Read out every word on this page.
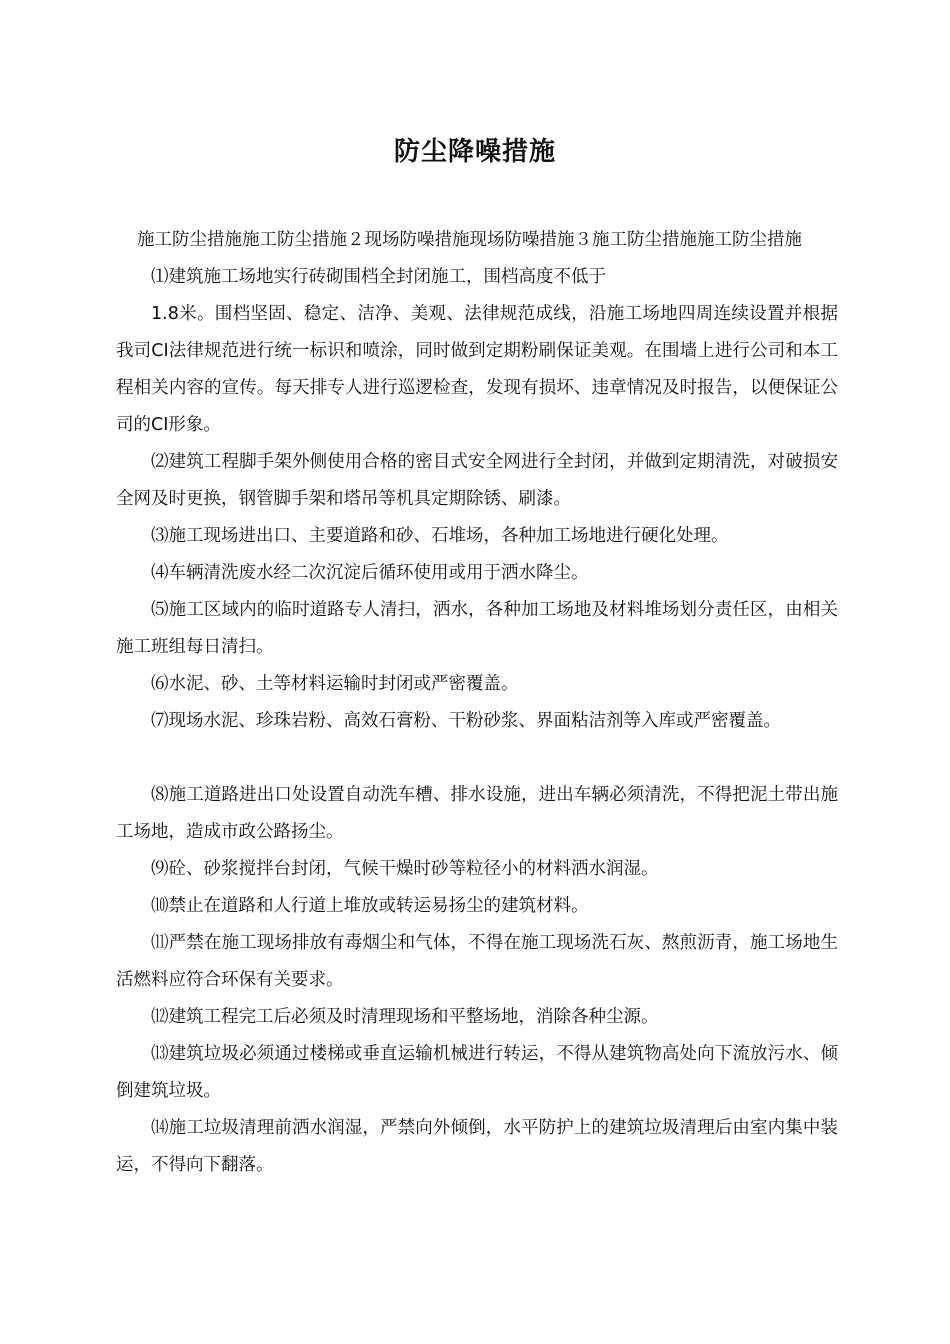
防尘降噪措施

施工防尘措施施工防尘措施２现场防噪措施现场防噪措施３施工防尘措施施工防尘措施

⑴建筑施工场地实行砖砌围档全封闭施工，围档高度不低于

1.8米。围档坚固、稳定、洁净、美观、法律规范成线，沿施工场地四周连续设置并根据我司CI法律规范进行统一标识和喷涂，同时做到定期粉刷保证美观。在围墙上进行公司和本工程相关内容的宣传。每天排专人进行巡逻检查，发现有损坏、违章情况及时报告，以便保证公司的CI形象。

⑵建筑工程脚手架外侧使用合格的密目式安全网进行全封闭，并做到定期清洗，对破损安全网及时更换，钢管脚手架和塔吊等机具定期除锈、刷漆。

⑶施工现场进出口、主要道路和砂、石堆场，各种加工场地进行硬化处理。

⑷车辆清洗废水经二次沉淀后循环使用或用于洒水降尘。

⑸施工区域内的临时道路专人清扫，洒水，各种加工场地及材料堆场划分责任区，由相关施工班组每日清扫。

⑹水泥、砂、土等材料运输时封闭或严密覆盖。

⑺现场水泥、珍珠岩粉、高效石膏粉、干粉砂浆、界面粘洁剂等入库或严密覆盖。

⑻施工道路进出口处设置自动洗车槽、排水设施，进出车辆必须清洗，不得把泥土带出施工场地，造成市政公路扬尘。

⑼砼、砂浆搅拌台封闭，气候干燥时砂等粒径小的材料洒水润湿。

⑽禁止在道路和人行道上堆放或转运易扬尘的建筑材料。

⑾严禁在施工现场排放有毒烟尘和气体，不得在施工现场洗石灰、熬煎沥青，施工场地生活燃料应符合环保有关要求。

⑿建筑工程完工后必须及时清理现场和平整场地，消除各种尘源。

⒀建筑垃圾必须通过楼梯或垂直运输机械进行转运，不得从建筑物高处向下流放污水、倾倒建筑垃圾。

⒁施工垃圾清理前洒水润湿，严禁向外倾倒，水平防护上的建筑垃圾清理后由室内集中装运，不得向下翻落。
